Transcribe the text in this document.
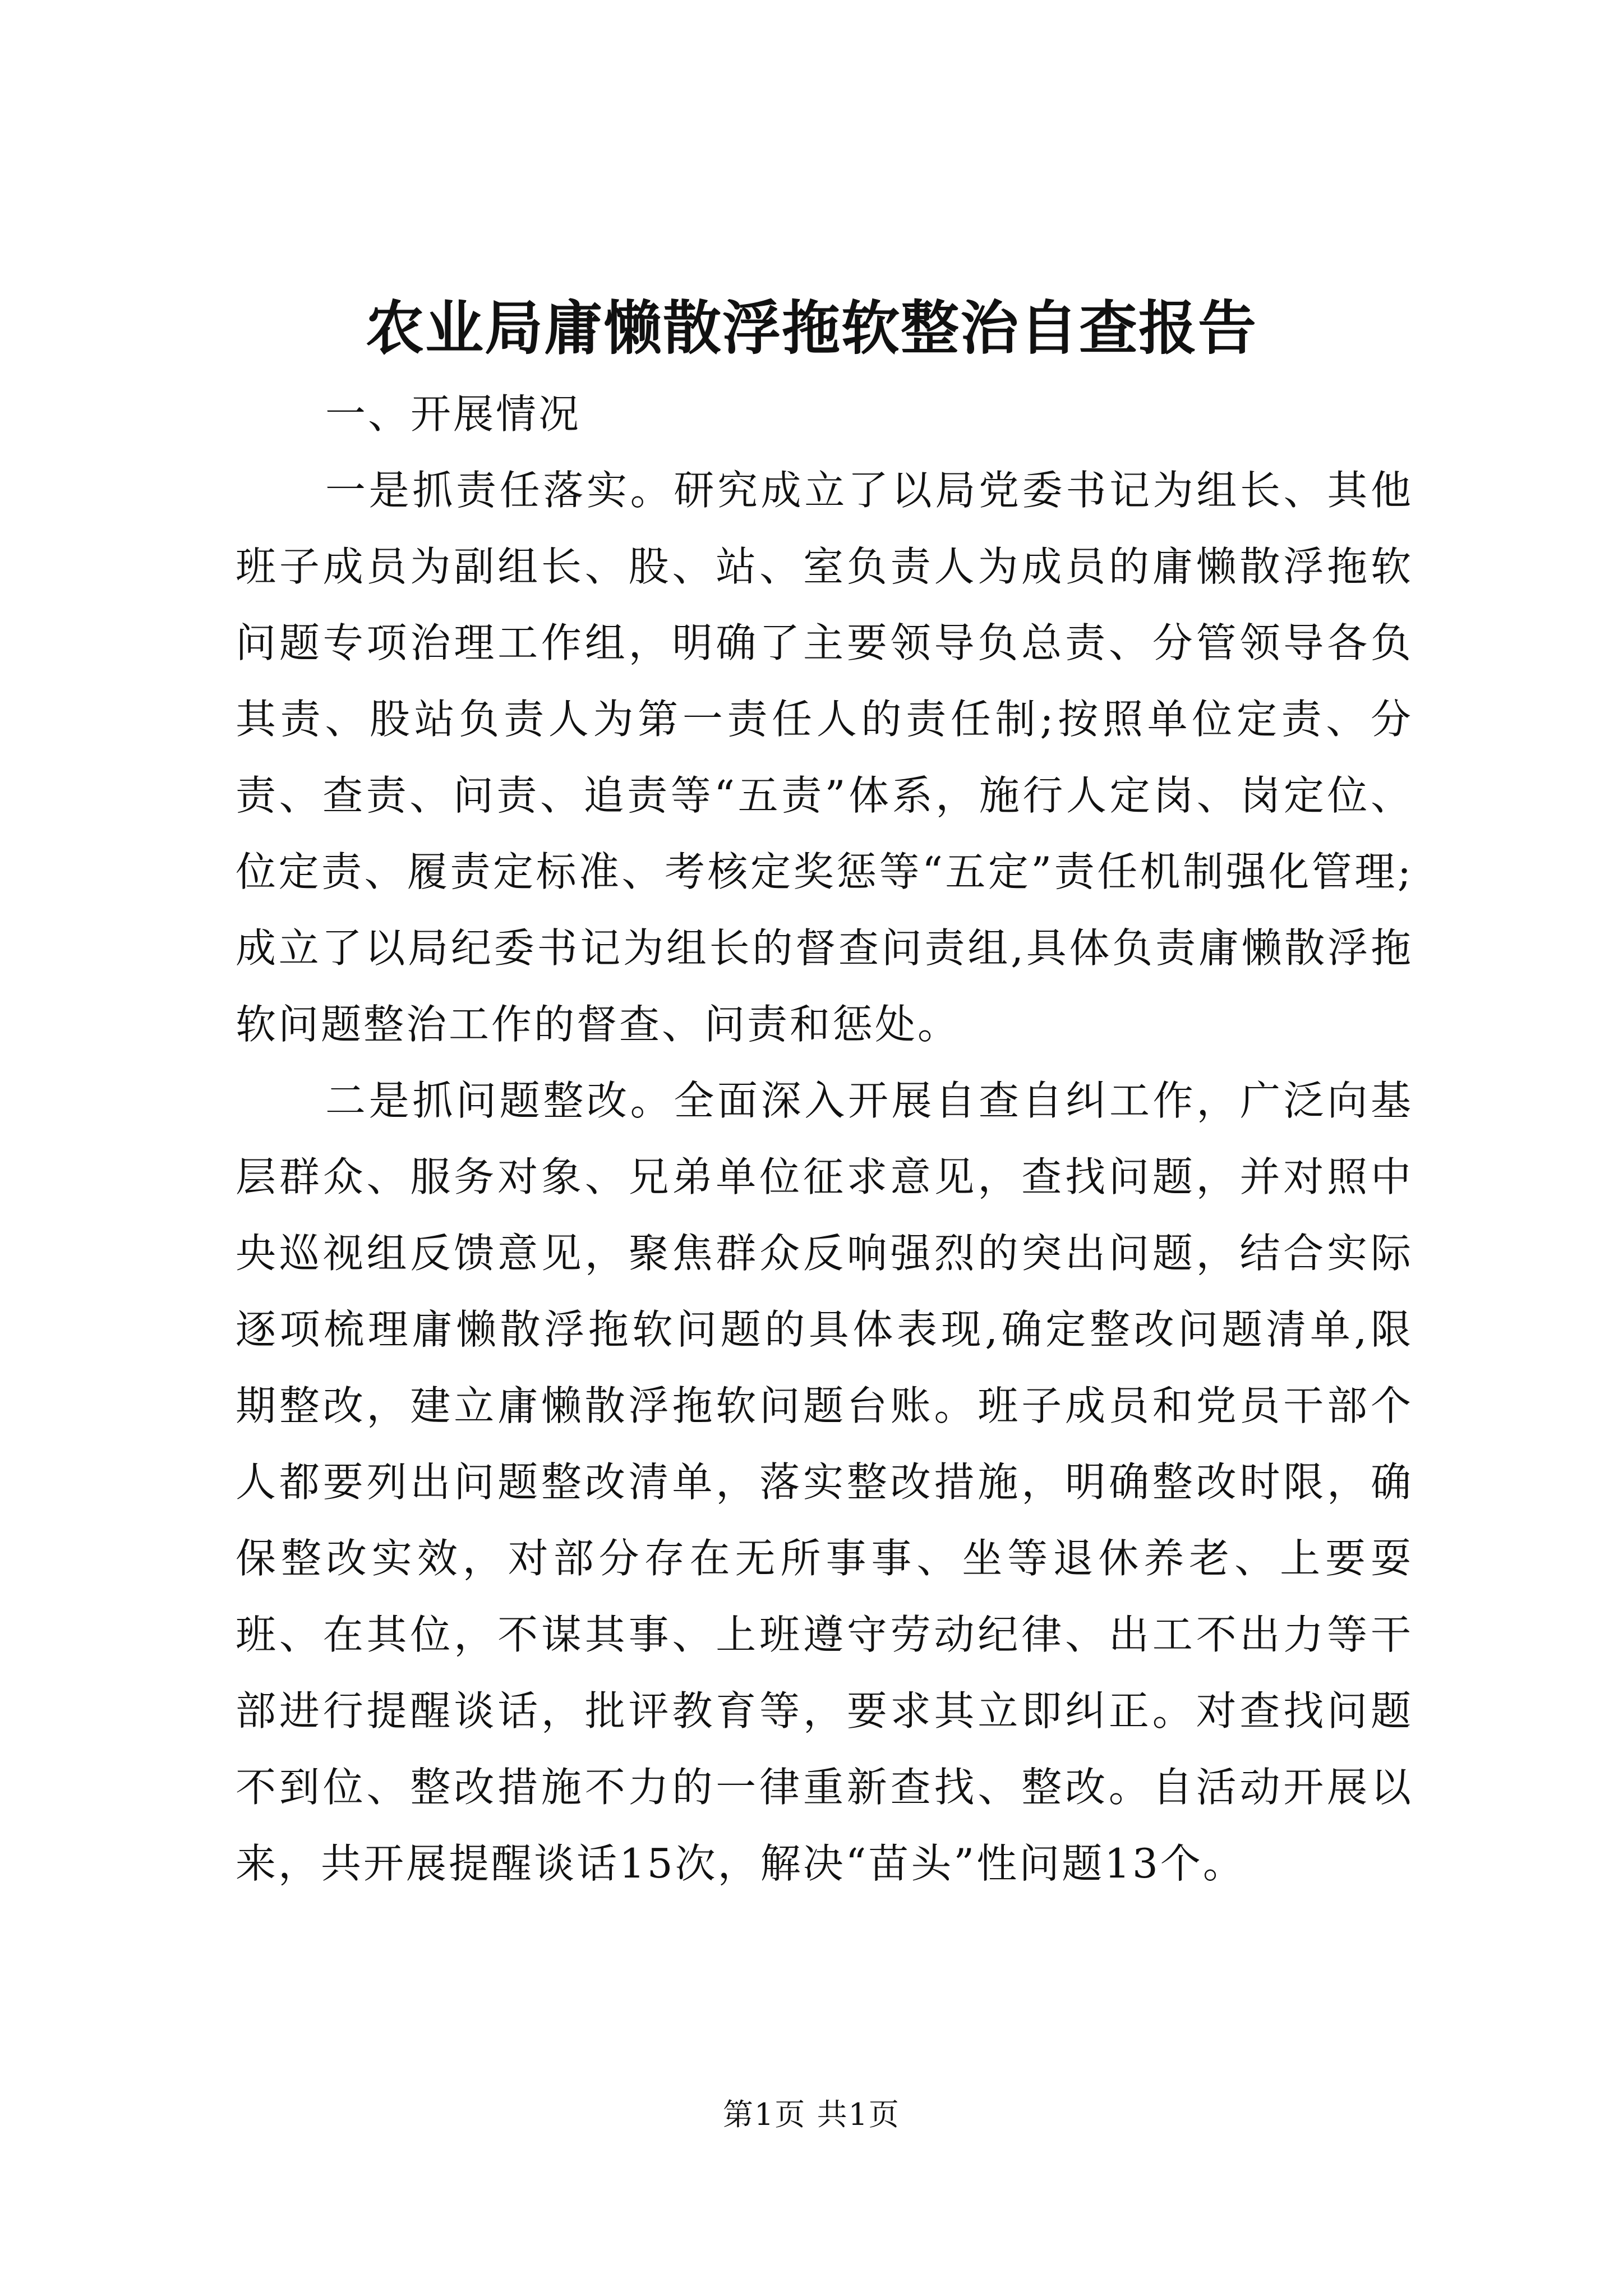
农业局庸懒散浮拖软整治自查报告

一、开展情况

一是抓责任落实。研究成立了以局党委书记为组长、其他班子成员为副组长、股、站、室负责人为成员的庸懒散浮拖软问题专项治理工作组，明确了主要领导负总责、分管领导各负其责、股站负责人为第一责任人的责任制;按照单位定责、分责、查责、问责、追责等“五责”体系，施行人定岗、岗定位、位定责、履责定标准、考核定奖惩等“五定”责任机制强化管理;成立了以局纪委书记为组长的督查问责组,具体负责庸懒散浮拖软问题整治工作的督查、问责和惩处。

二是抓问题整改。全面深入开展自查自纠工作，广泛向基层群众、服务对象、兄弟单位征求意见，查找问题，并对照中央巡视组反馈意见，聚焦群众反响强烈的突出问题，结合实际逐项梳理庸懒散浮拖软问题的具体表现,确定整改问题清单,限期整改，建立庸懒散浮拖软问题台账。班子成员和党员干部个人都要列出问题整改清单，落实整改措施，明确整改时限，确保整改实效，对部分存在无所事事、坐等退休养老、上要耍班、在其位，不谋其事、上班遵守劳动纪律、出工不出力等干部进行提醒谈话，批评教育等，要求其立即纠正。对查找问题不到位、整改措施不力的一律重新查找、整改。自活动开展以来，共开展提醒谈话15次，解决“苗头”性问题13个。

第1页 共1页
